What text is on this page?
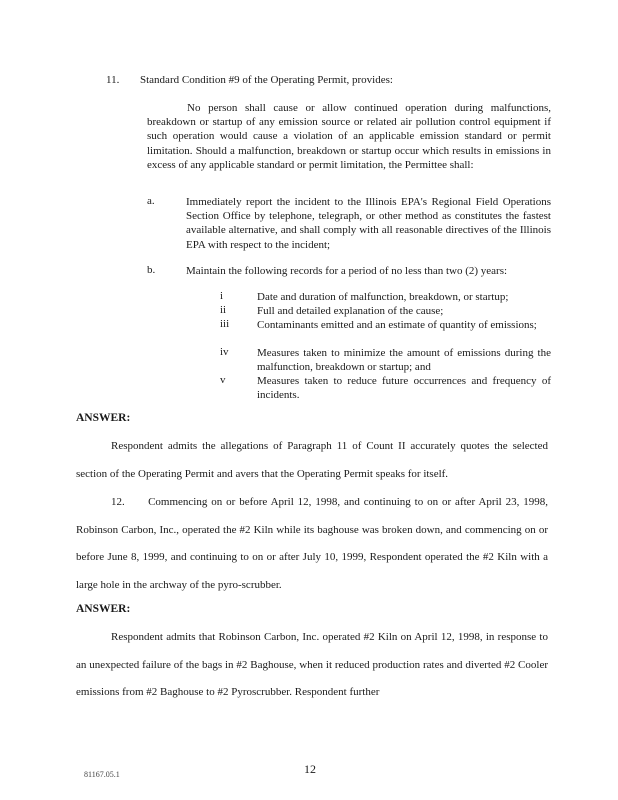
11. Standard Condition #9 of the Operating Permit, provides:
No person shall cause or allow continued operation during malfunctions, breakdown or startup of any emission source or related air pollution control equipment if such operation would cause a violation of an applicable emission standard or permit limitation. Should a malfunction, breakdown or startup occur which results in emissions in excess of any applicable standard or permit limitation, the Permittee shall:
a.	Immediately report the incident to the Illinois EPA's Regional Field Operations Section Office by telephone, telegraph, or other method as constitutes the fastest available alternative, and shall comply with all reasonable directives of the Illinois EPA with respect to the incident;
b.	Maintain the following records for a period of no less than two (2) years:
i	Date and duration of malfunction, breakdown, or startup;
ii	Full and detailed explanation of the cause;
iii	Contaminants emitted and an estimate of quantity of emissions;
iv	Measures taken to minimize the amount of emissions during the malfunction, breakdown or startup; and
v	Measures taken to reduce future occurrences and frequency of incidents.
ANSWER:
Respondent admits the allegations of Paragraph 11 of Count II accurately quotes the selected section of the Operating Permit and avers that the Operating Permit speaks for itself.
12. Commencing on or before April 12, 1998, and continuing to on or after April 23, 1998, Robinson Carbon, Inc., operated the #2 Kiln while its baghouse was broken down, and commencing on or before June 8, 1999, and continuing to on or after July 10, 1999, Respondent operated the #2 Kiln with a large hole in the archway of the pyro-scrubber.
ANSWER:
Respondent admits that Robinson Carbon, Inc. operated #2 Kiln on April 12, 1998, in response to an unexpected failure of the bags in #2 Baghouse, when it reduced production rates and diverted #2 Cooler emissions from #2 Baghouse to #2 Pyroscrubber. Respondent further
81167.05.1	12
